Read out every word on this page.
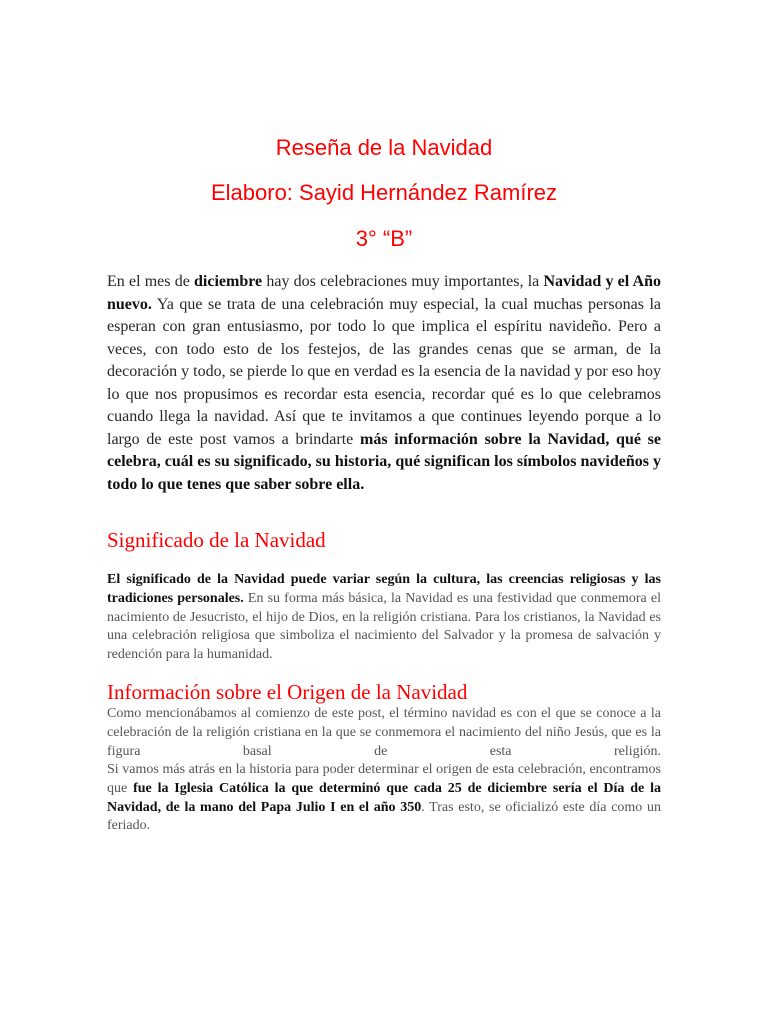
Reseña de la Navidad
Elaboro: Sayid Hernández Ramírez
3° “B”

En el mes de diciembre hay dos celebraciones muy importantes, la Navidad y el Año nuevo. Ya que se trata de una celebración muy especial, la cual muchas personas la esperan con gran entusiasmo, por todo lo que implica el espíritu navideño. Pero a veces, con todo esto de los festejos, de las grandes cenas que se arman, de la decoración y todo, se pierde lo que en verdad es la esencia de la navidad y por eso hoy lo que nos propusimos es recordar esta esencia, recordar qué es lo que celebramos cuando llega la navidad. Así que te invitamos a que continues leyendo porque a lo largo de este post vamos a brindarte más información sobre la Navidad, qué se celebra, cuál es su significado, su historia, qué significan los símbolos navideños y todo lo que tenes que saber sobre ella.

Significado de la Navidad

El significado de la Navidad puede variar según la cultura, las creencias religiosas y las tradiciones personales. En su forma más básica, la Navidad es una festividad que conmemora el nacimiento de Jesucristo, el hijo de Dios, en la religión cristiana. Para los cristianos, la Navidad es una celebración religiosa que simboliza el nacimiento del Salvador y la promesa de salvación y redención para la humanidad.

Información sobre el Origen de la Navidad

Como mencionábamos al comienzo de este post, el término navidad es con el que se conoce a la celebración de la religión cristiana en la que se conmemora el nacimiento del niño Jesús, que es la figura basal de esta religión.

Si vamos más atrás en la historia para poder determinar el origen de esta celebración, encontramos que fue la Iglesia Católica la que determinó que cada 25 de diciembre sería el Día de la Navidad, de la mano del Papa Julio I en el año 350. Tras esto, se oficializó este día como un feriado.
